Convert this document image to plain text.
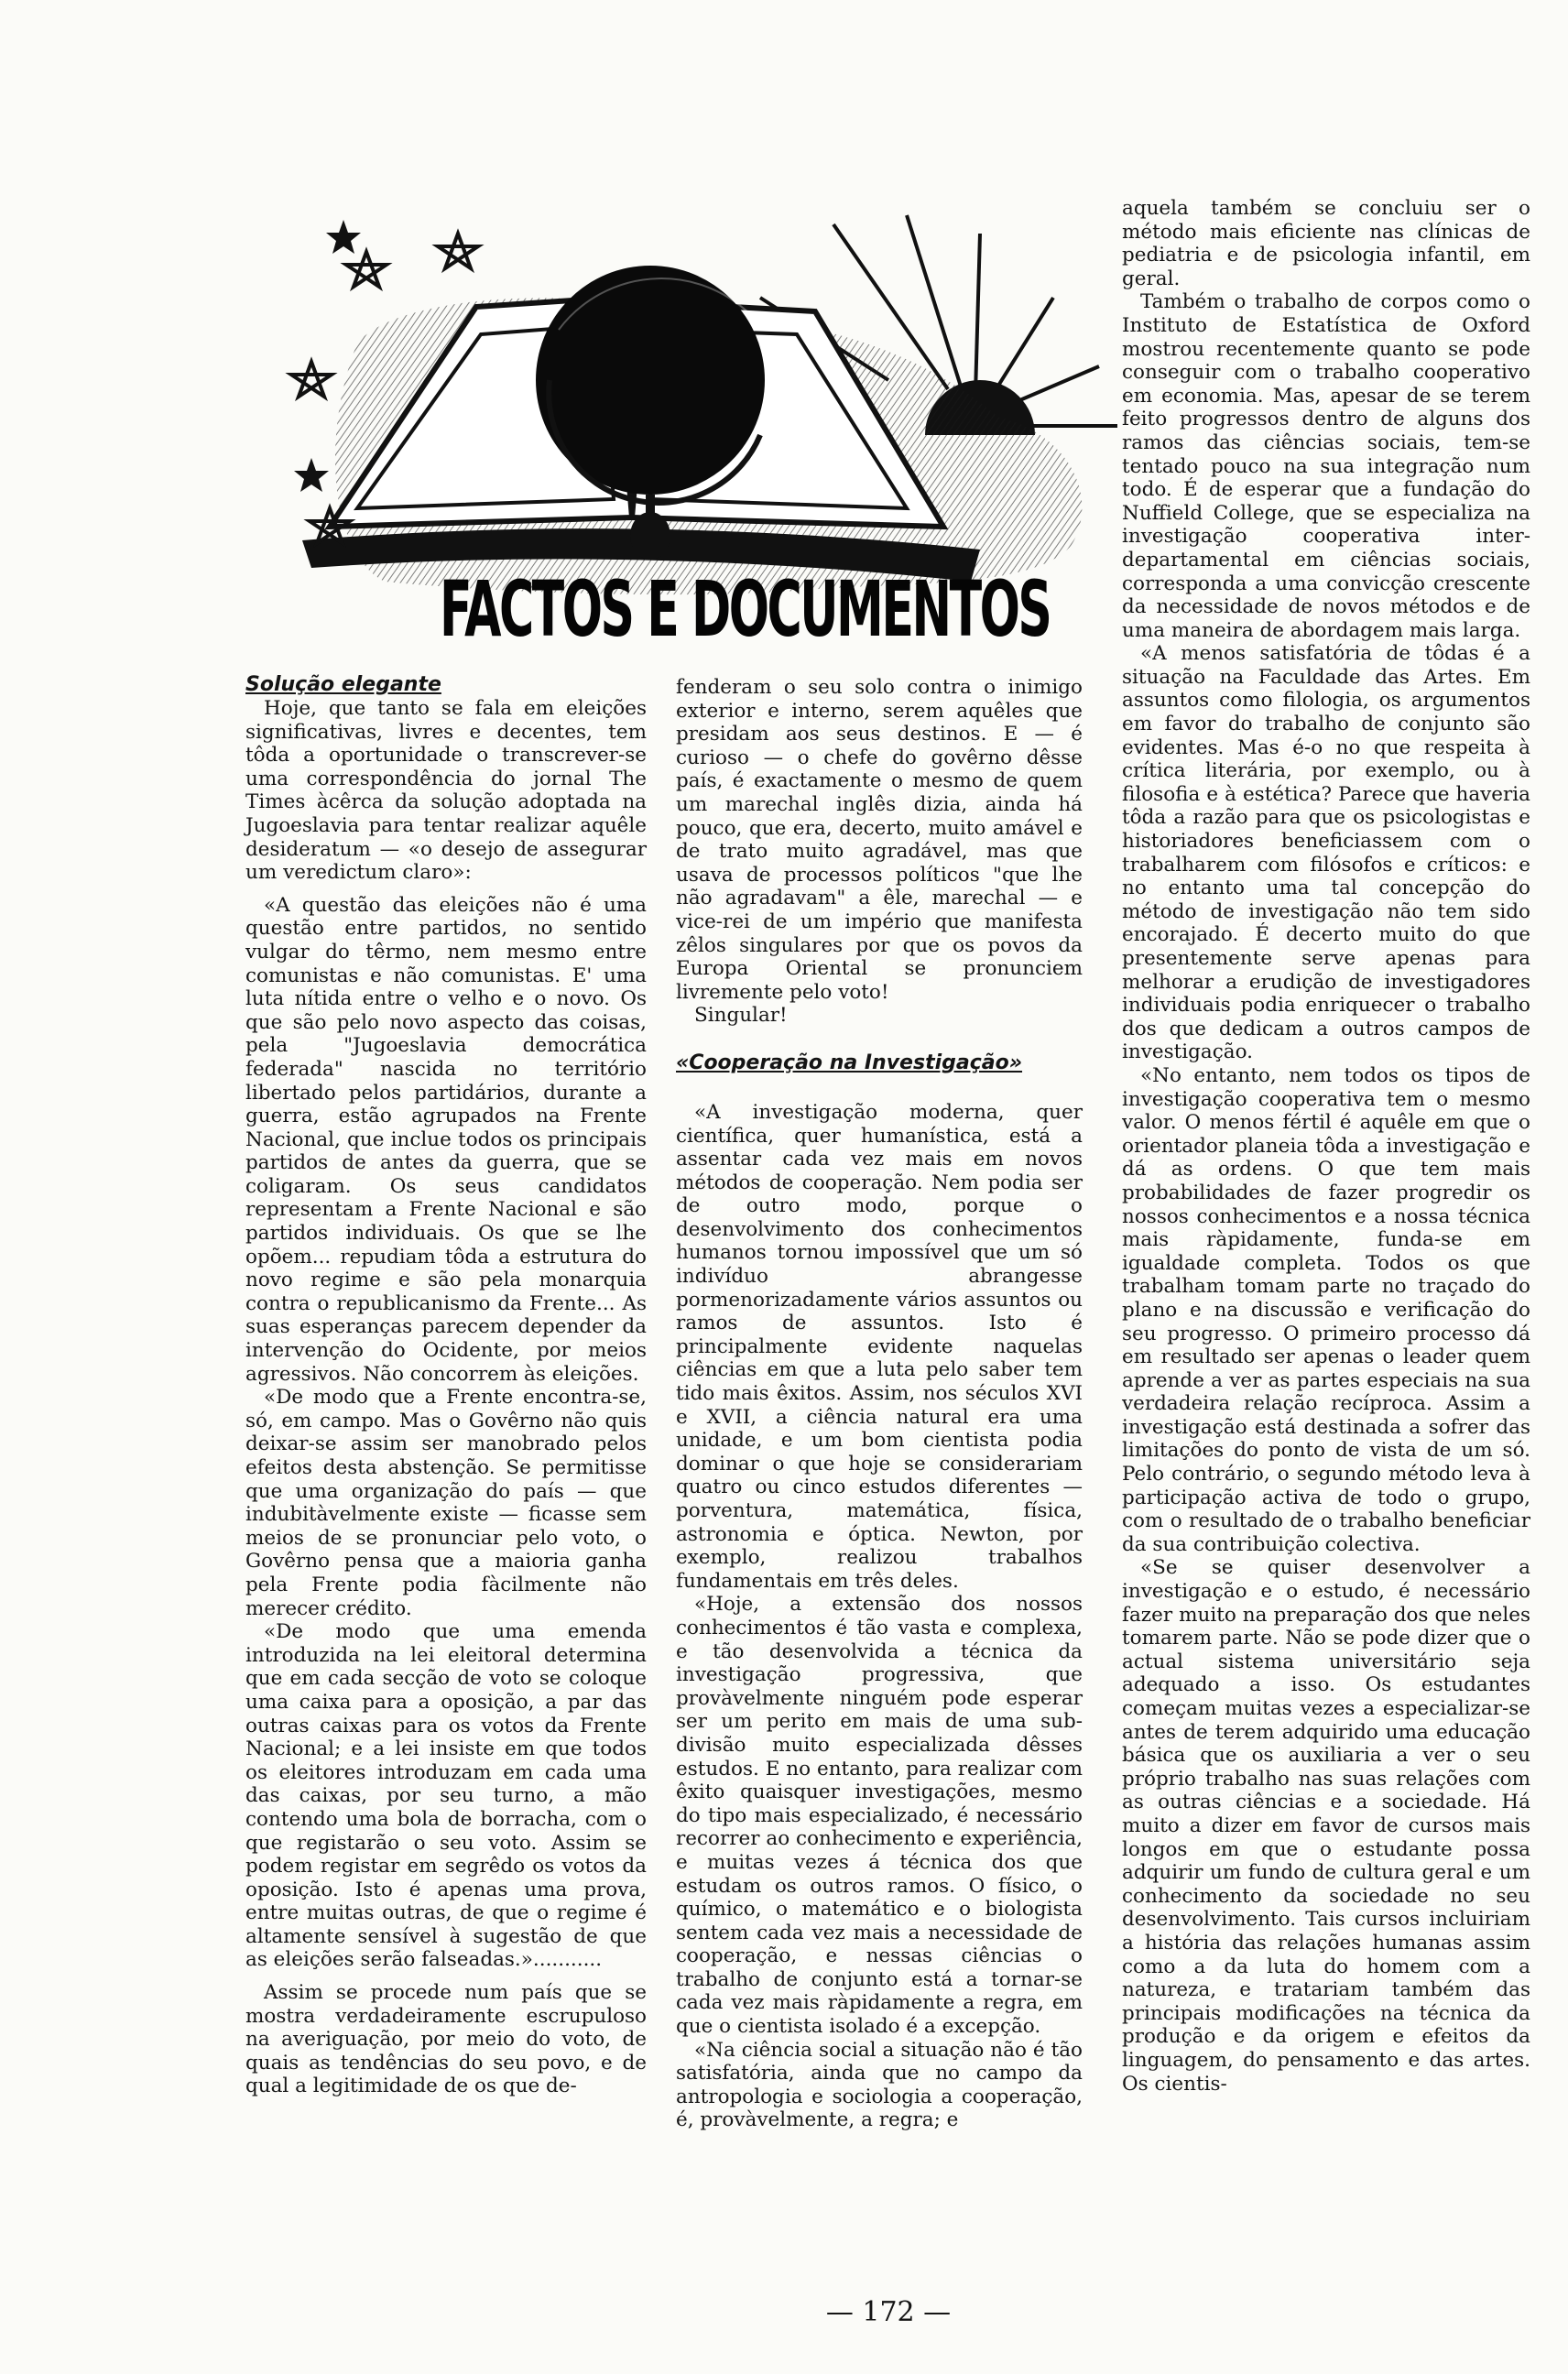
FACTOS E DOCUMENTOS

Solução elegante

Hoje, que tanto se fala em eleições significativas, livres e decentes, tem tôda a oportunidade o transcrever-se uma correspondência do jornal The Times àcêrca da solução adoptada na Jugoeslavia para tentar realizar aquêle desideratum — «o desejo de assegurar um veredictum claro»:

«A questão das eleições não é uma questão entre partidos, no sentido vulgar do têrmo, nem mesmo entre comunistas e não comunistas. E' uma luta nítida entre o velho e o novo. Os que são pelo novo aspecto das coisas, pela "Jugoeslavia democrática federada" nascida no território libertado pelos partidários, durante a guerra, estão agrupados na Frente Nacional, que inclue todos os principais partidos de antes da guerra, que se coligaram. Os seus candidatos representam a Frente Nacional e são partidos individuais. Os que se lhe opõem... repudiam tôda a estrutura do novo regime e são pela monarquia contra o republicanismo da Frente... As suas esperanças parecem depender da intervenção do Ocidente, por meios agressivos. Não concorrem às eleições.

«De modo que a Frente encontra-se, só, em campo. Mas o Govêrno não quis deixar-se assim ser manobrado pelos efeitos desta abstenção. Se permitisse que uma organização do país — que indubitàvelmente existe — ficasse sem meios de se pronunciar pelo voto, o Govêrno pensa que a maioria ganha pela Frente podia fàcilmente não merecer crédito.

«De modo que uma emenda introduzida na lei eleitoral determina que em cada secção de voto se coloque uma caixa para a oposição, a par das outras caixas para os votos da Frente Nacional; e a lei insiste em que todos os eleitores introduzam em cada uma das caixas, por seu turno, a mão contendo uma bola de borracha, com o que registarão o seu voto. Assim se podem registar em segrêdo os votos da oposição. Isto é apenas uma prova, entre muitas outras, de que o regime é altamente sensível à sugestão de que as eleições serão falseadas.»...........

Assim se procede num país que se mostra verdadeiramente escrupuloso na averiguação, por meio do voto, de quais as tendências do seu povo, e de qual a legitimidade de os que de-

fenderam o seu solo contra o inimigo exterior e interno, serem aquêles que presidam aos seus destinos. E — é curioso — o chefe do govêrno dêsse país, é exactamente o mesmo de quem um marechal inglês dizia, ainda há pouco, que era, decerto, muito amável e de trato muito agradável, mas que usava de processos políticos "que lhe não agradavam" a êle, marechal — e vice-rei de um império que manifesta zêlos singulares por que os povos da Europa Oriental se pronunciem livremente pelo voto!

Singular!

«Cooperação na Investigação»

«A investigação moderna, quer científica, quer humanística, está a assentar cada vez mais em novos métodos de cooperação. Nem podia ser de outro modo, porque o desenvolvimento dos conhecimentos humanos tornou impossível que um só indivíduo abrangesse pormenorizadamente vários assuntos ou ramos de assuntos. Isto é principalmente evidente naquelas ciências em que a luta pelo saber tem tido mais êxitos. Assim, nos séculos XVI e XVII, a ciência natural era uma unidade, e um bom cientista podia dominar o que hoje se considerariam quatro ou cinco estudos diferentes — porventura, matemática, física, astronomia e óptica. Newton, por exemplo, realizou trabalhos fundamentais em três deles.

«Hoje, a extensão dos nossos conhecimentos é tão vasta e complexa, e tão desenvolvida a técnica da investigação progressiva, que provàvelmente ninguém pode esperar ser um perito em mais de uma sub-divisão muito especializada dêsses estudos. E no entanto, para realizar com êxito quaisquer investigações, mesmo do tipo mais especializado, é necessário recorrer ao conhecimento e experiência, e muitas vezes á técnica dos que estudam os outros ramos. O físico, o químico, o matemático e o biologista sentem cada vez mais a necessidade de cooperação, e nessas ciências o trabalho de conjunto está a tornar-se cada vez mais ràpidamente a regra, em que o cientista isolado é a excepção.

«Na ciência social a situação não é tão satisfatória, ainda que no campo da antropologia e sociologia a cooperação, é, provàvelmente, a regra; e

aquela também se concluiu ser o método mais eficiente nas clínicas de pediatria e de psicologia infantil, em geral.

Também o trabalho de corpos como o Instituto de Estatística de Oxford mostrou recentemente quanto se pode conseguir com o trabalho cooperativo em economia. Mas, apesar de se terem feito progressos dentro de alguns dos ramos das ciências sociais, tem-se tentado pouco na sua integração num todo. É de esperar que a fundação do Nuffield College, que se especializa na investigação cooperativa inter-departamental em ciências sociais, corresponda a uma convicção crescente da necessidade de novos métodos e de uma maneira de abordagem mais larga.

«A menos satisfatória de tôdas é a situação na Faculdade das Artes. Em assuntos como filologia, os argumentos em favor do trabalho de conjunto são evidentes. Mas é-o no que respeita à crítica literária, por exemplo, ou à filosofia e à estética? Parece que haveria tôda a razão para que os psicologistas e historiadores beneficiassem com o trabalharem com filósofos e críticos: e no entanto uma tal concepção do método de investigação não tem sido encorajado. É decerto muito do que presentemente serve apenas para melhorar a erudição de investigadores individuais podia enriquecer o trabalho dos que dedicam a outros campos de investigação.

«No entanto, nem todos os tipos de investigação cooperativa tem o mesmo valor. O menos fértil é aquêle em que o orientador planeia tôda a investigação e dá as ordens. O que tem mais probabilidades de fazer progredir os nossos conhecimentos e a nossa técnica mais ràpidamente, funda-se em igualdade completa. Todos os que trabalham tomam parte no traçado do plano e na discussão e verificação do seu progresso. O primeiro processo dá em resultado ser apenas o leader quem aprende a ver as partes especiais na sua verdadeira relação recíproca. Assim a investigação está destinada a sofrer das limitações do ponto de vista de um só. Pelo contrário, o segundo método leva à participação activa de todo o grupo, com o resultado de o trabalho beneficiar da sua contribuição colectiva.

«Se se quiser desenvolver a investigação e o estudo, é necessário fazer muito na preparação dos que neles tomarem parte. Não se pode dizer que o actual sistema universitário seja adequado a isso. Os estudantes começam muitas vezes a especializar-se antes de terem adquirido uma educação básica que os auxiliaria a ver o seu próprio trabalho nas suas relações com as outras ciências e a sociedade. Há muito a dizer em favor de cursos mais longos em que o estudante possa adquirir um fundo de cultura geral e um conhecimento da sociedade no seu desenvolvimento. Tais cursos incluiriam a história das relações humanas assim como a da luta do homem com a natureza, e tratariam também das principais modificações na técnica da produção e da origem e efeitos da linguagem, do pensamento e das artes. Os cientis-

— 172 —
